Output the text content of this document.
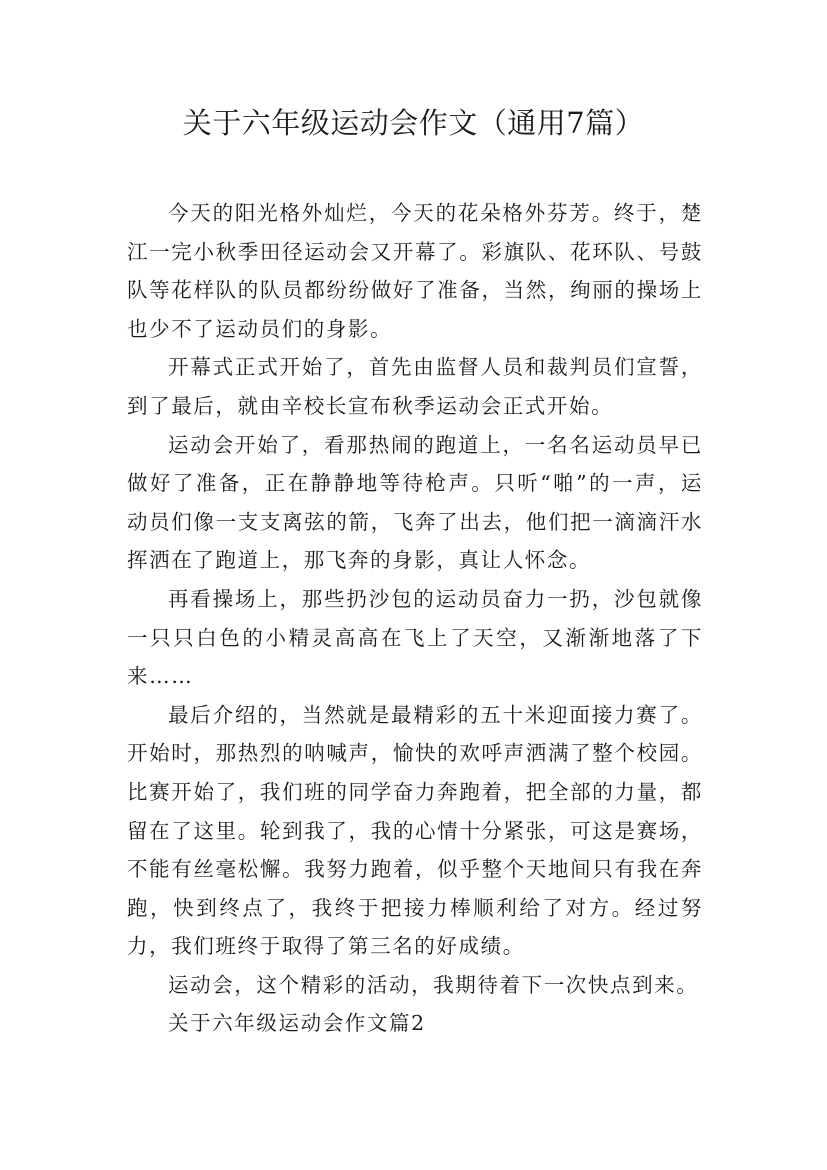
关于六年级运动会作文（通用7篇）

今天的阳光格外灿烂，今天的花朵格外芬芳。终于，楚江一完小秋季田径运动会又开幕了。彩旗队、花环队、号鼓队等花样队的队员都纷纷做好了准备，当然，绚丽的操场上也少不了运动员们的身影。

开幕式正式开始了，首先由监督人员和裁判员们宣誓，到了最后，就由辛校长宣布秋季运动会正式开始。

运动会开始了，看那热闹的跑道上，一名名运动员早已做好了准备，正在静静地等待枪声。只听“啪”的一声，运动员们像一支支离弦的箭，飞奔了出去，他们把一滴滴汗水挥洒在了跑道上，那飞奔的身影，真让人怀念。

再看操场上，那些扔沙包的运动员奋力一扔，沙包就像一只只白色的小精灵高高在飞上了天空，又渐渐地落了下来……

最后介绍的，当然就是最精彩的五十米迎面接力赛了。开始时，那热烈的呐喊声，愉快的欢呼声洒满了整个校园。比赛开始了，我们班的同学奋力奔跑着，把全部的力量，都留在了这里。轮到我了，我的心情十分紧张，可这是赛场，不能有丝毫松懈。我努力跑着，似乎整个天地间只有我在奔跑，快到终点了，我终于把接力棒顺利给了对方。经过努力，我们班终于取得了第三名的好成绩。

运动会，这个精彩的活动，我期待着下一次快点到来。

关于六年级运动会作文篇2
